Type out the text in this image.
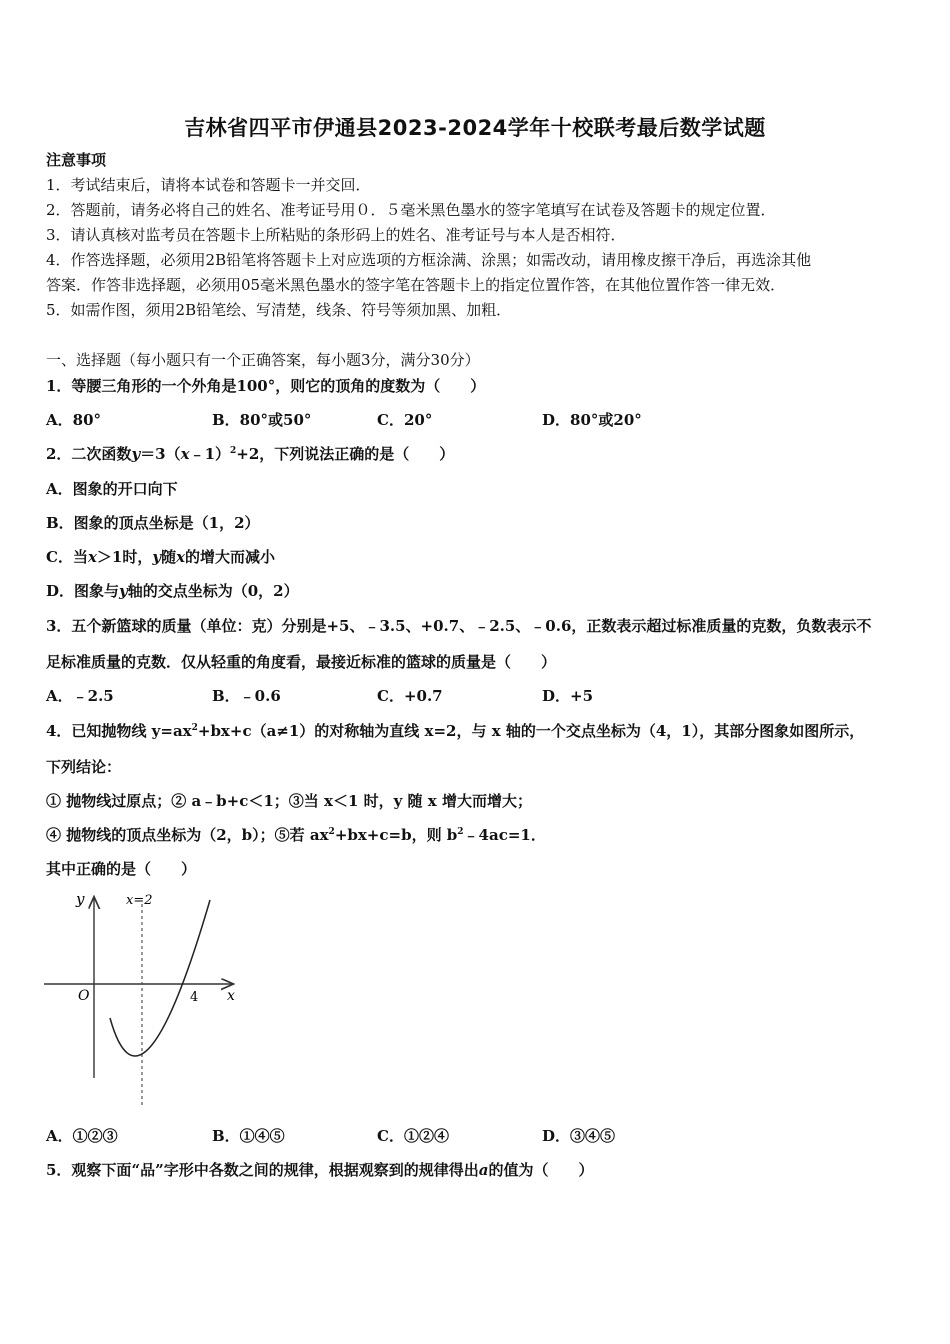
吉林省四平市伊通县2023-2024学年十校联考最后数学试题
注意事项
1．考试结束后，请将本试卷和答题卡一并交回．
2．答题前，请务必将自己的姓名、准考证号用０．５毫米黑色墨水的签字笔填写在试卷及答题卡的规定位置．
3．请认真核对监考员在答题卡上所粘贴的条形码上的姓名、准考证号与本人是否相符．
4．作答选择题，必须用2B铅笔将答题卡上对应选项的方框涂满、涂黑；如需改动，请用橡皮擦干净后，再选涂其他
答案．作答非选择题，必须用05毫米黑色墨水的签字笔在答题卡上的指定位置作答，在其他位置作答一律无效．
5．如需作图，须用2B铅笔绘、写清楚，线条、符号等须加黑、加粗．
一、选择题（每小题只有一个正确答案，每小题3分，满分30分）
1．等腰三角形的一个外角是100°，则它的顶角的度数为（　　）
A．80°	B．80°或50°	C．20°	D．80°或20°
2．二次函数y＝3（x﹣1）$^2$+2，下列说法正确的是（　　）
A．图象的开口向下
B．图象的顶点坐标是（1，2）
C．当x＞1时，y随x的增大而减小
D．图象与y轴的交点坐标为（0，2）
3．五个新篮球的质量（单位：克）分别是+5、﹣3.5、+0.7、﹣2.5、﹣0.6，正数表示超过标准质量的克数，负数表示不
足标准质量的克数．仅从轻重的角度看，最接近标准的篮球的质量是（　　）
A．﹣2.5	B．﹣0.6	C．+0.7	D．+5
4．已知抛物线 $y=ax^2+bx+c(a\ne 1)$的对称轴为直线 x=2，与 x 轴的一个交点坐标为（4，1），其部分图象如图所示，
下列结论：
① 抛物线过原点；② a﹣b+c＜1；③当 x＜1 时，y 随 x 增大而增大；
④ 抛物线的顶点坐标为（2，b）；⑤若 $ax^2+bx+c=b$，则 $b^2﹣4ac=1$．
其中正确的是（　　）
y
x
O
x=2
4
A．①②③	B．①④⑤	C．①②④	D．③④⑤
5．观察下面“品”字形中各数之间的规律，根据观察到的规律得出a的值为（　　）
